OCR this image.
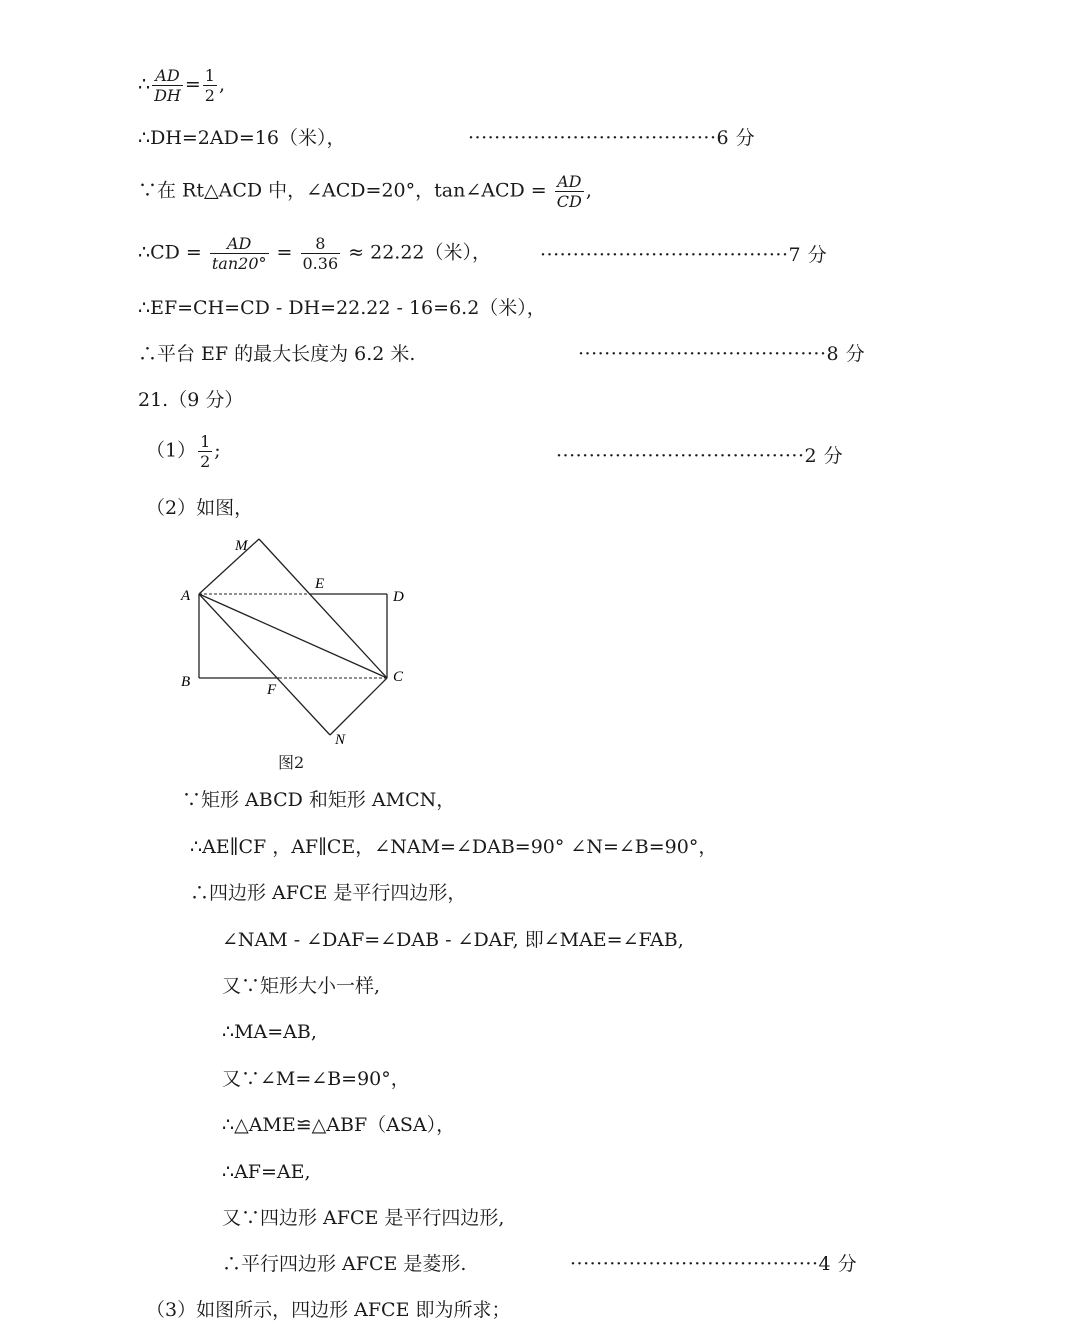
∴ $\frac{AD}{DH} = \frac{1}{2}$ ,
∴DH=2AD=16（米），	······································6 分
∵在 Rt△ACD 中，∠ACD=20°，tan∠ACD = $\frac{AD}{CD}$ ,
∴CD = $\frac{AD}{\tan 20^\circ} = \frac{8}{0.36} \approx 22.22$（米），	······································7 分
∴EF=CH=CD - DH=22.22 - 16=6.2（米），
∴平台 EF 的最大长度为 6.2 米.	······································8 分
21.（9 分）
$(1) \frac{1}{2}$ ;	······································2 分
（2）如图，
M
A
E
D
B	F
C
N
图2
∵矩形 ABCD 和矩形 AMCN，
∴AE∥CF ，AF∥CE，∠NAM=∠DAB=90° ∠N=∠B=90°，
∴四边形 AFCE 是平行四边形，
∠NAM - ∠DAF=∠DAB - ∠DAF, 即∠MAE=∠FAB,
又∵矩形大小一样,
∴MA=AB,
又∵∠M=∠B=90°，
∴△AME≌△ABF（ASA），
∴AF=AE,
又∵四边形 AFCE 是平行四边形,
∴平行四边形 AFCE 是菱形.	······································4 分
（3）如图所示，四边形 AFCE 即为所求；
